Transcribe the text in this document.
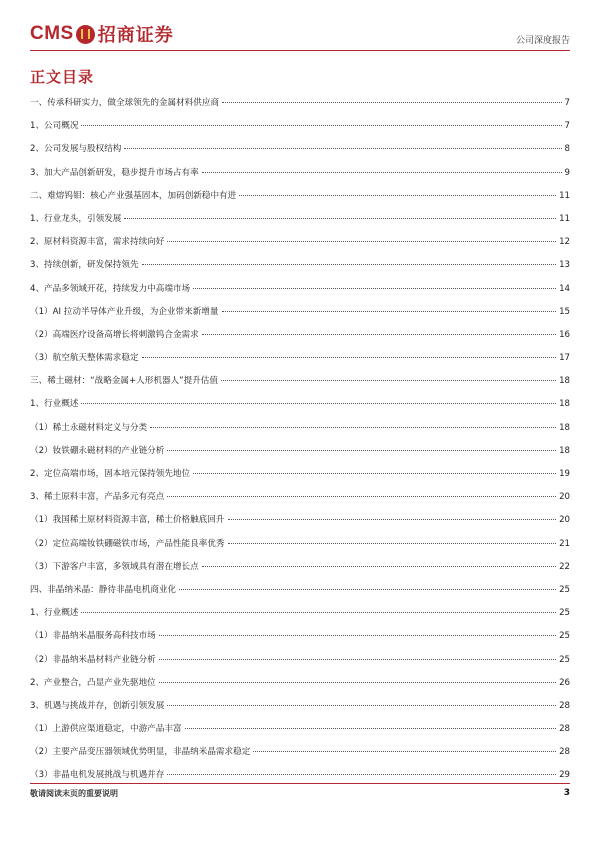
CMS 招商证券	公司深度报告
正文目录
一、传承科研实力，做全球领先的金属材料供应商	7
1、公司概况	7
2、公司发展与股权结构	8
3、加大产品创新研发，稳步提升市场占有率	9
二、难熔钨钼：核心产业强基固本，加码创新稳中有进	11
1、行业龙头，引领发展	11
2、原材料资源丰富，需求持续向好	12
3、持续创新，研发保持领先	13
4、产品多领域开花，持续发力中高端市场	14
（1）AI 拉动半导体产业升级，为企业带来新增量	15
（2）高端医疗设备高增长将刺激钨合金需求	16
（3）航空航天整体需求稳定	17
三、稀土磁材：“战略金属+人形机器人”提升估值	18
1、行业概述	18
（1）稀土永磁材料定义与分类	18
（2）钕铁硼永磁材料的产业链分析	18
2、定位高端市场，固本培元保持领先地位	19
3、稀土原料丰富，产品多元有亮点	20
（1）我国稀土原材料资源丰富，稀土价格触底回升	20
（2）定位高端钕铁硼磁铁市场，产品性能良率优秀	21
（3）下游客户丰富，多领域具有潜在增长点	22
四、非晶纳米晶：静待非晶电机商业化	25
1、行业概述	25
（1）非晶纳米晶服务高科技市场	25
（2）非晶纳米晶材料产业链分析	25
2、产业整合，凸显产业先驱地位	26
3、机遇与挑战并存，创新引领发展	28
（1）上游供应渠道稳定，中游产品丰富	28
（2）主要产品变压器领域优势明显，非晶纳米晶需求稳定	28
（3）非晶电机发展挑战与机遇并存	29
敬请阅读末页的重要说明	3
